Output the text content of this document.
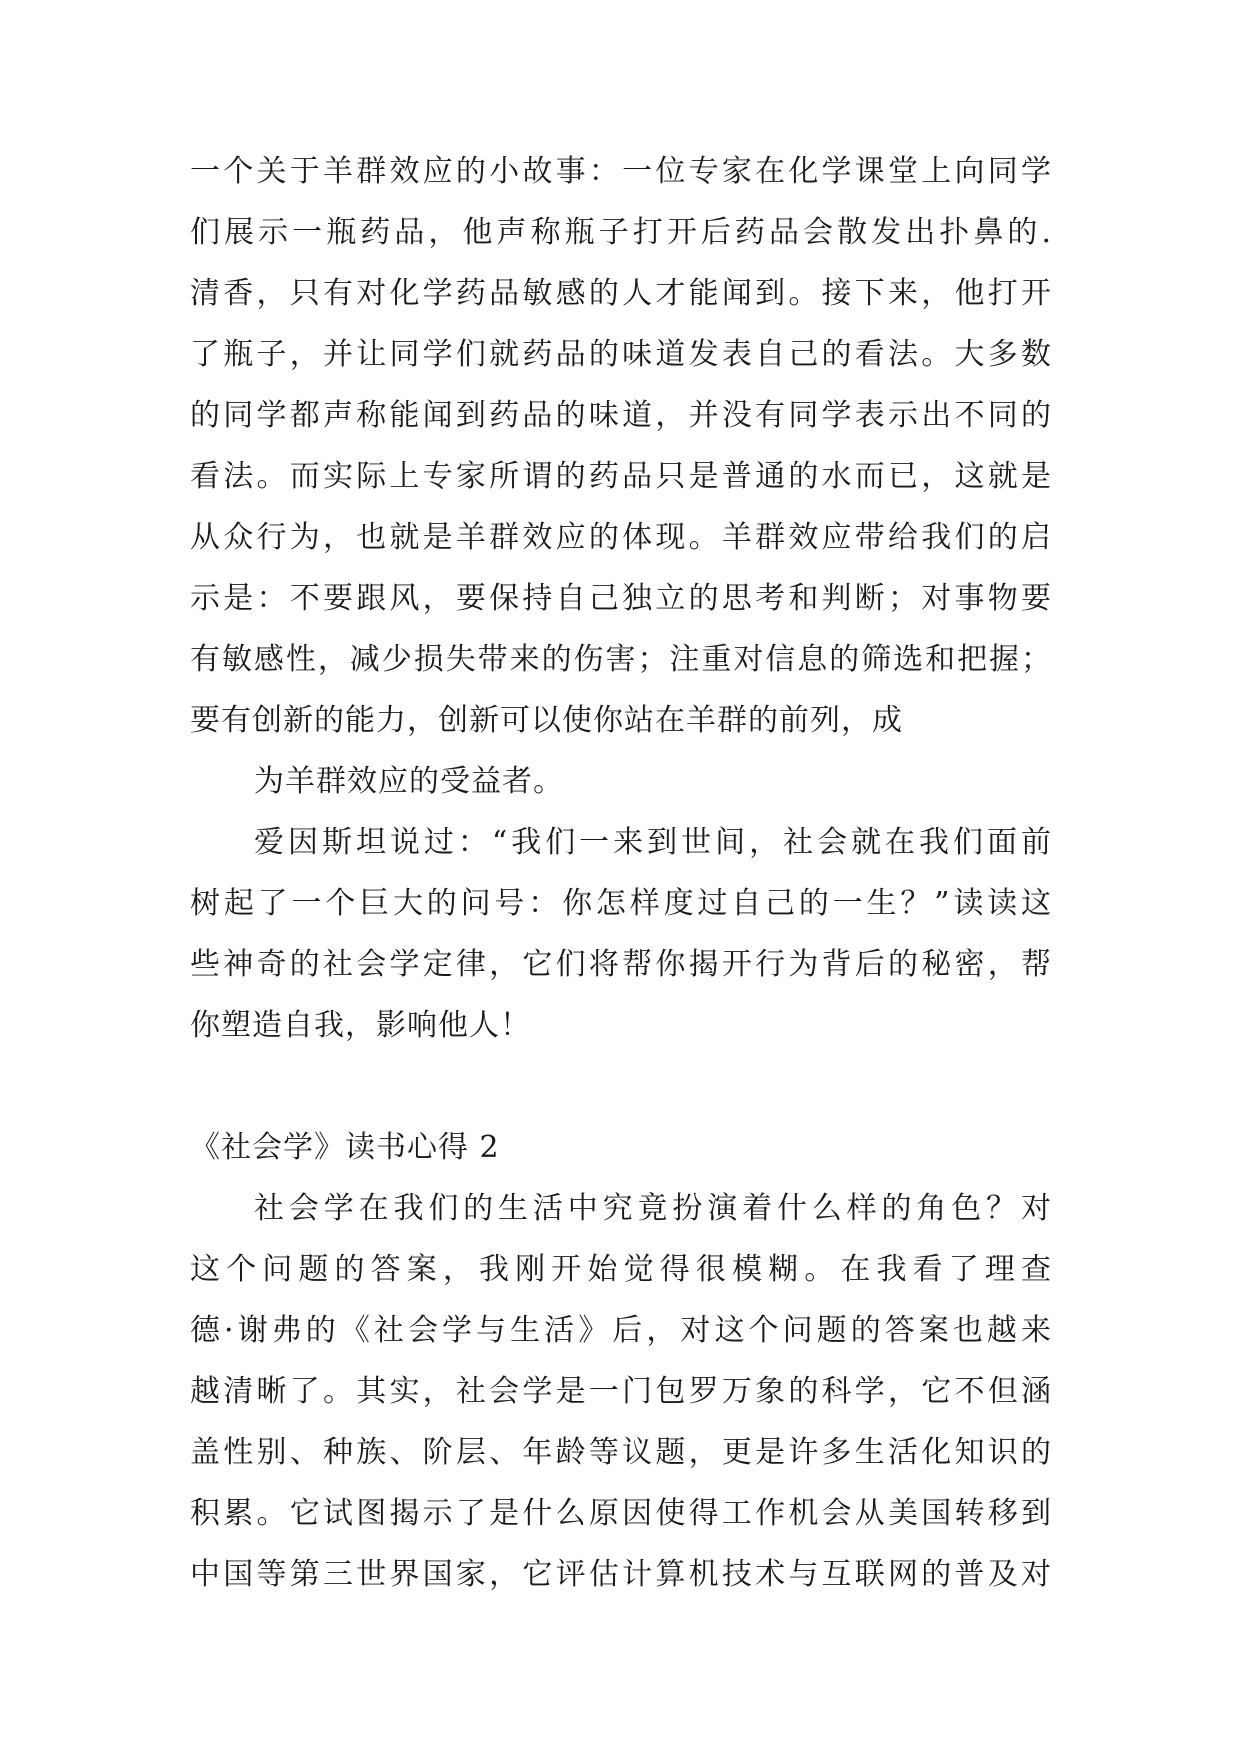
一个关于羊群效应的小故事：一位专家在化学课堂上向同学
们展示一瓶药品，他声称瓶子打开后药品会散发出扑鼻的.
清香，只有对化学药品敏感的人才能闻到。接下来，他打开
了瓶子，并让同学们就药品的味道发表自己的看法。大多数
的同学都声称能闻到药品的味道，并没有同学表示出不同的
看法。而实际上专家所谓的药品只是普通的水而已，这就是
从众行为，也就是羊群效应的体现。羊群效应带给我们的启
示是：不要跟风，要保持自己独立的思考和判断；对事物要
有敏感性，减少损失带来的伤害；注重对信息的筛选和把握；
要有创新的能力，创新可以使你站在羊群的前列，成
为羊群效应的受益者。
爱因斯坦说过：“我们一来到世间，社会就在我们面前
树起了一个巨大的问号：你怎样度过自己的一生？”读读这
些神奇的社会学定律，它们将帮你揭开行为背后的秘密，帮
你塑造自我，影响他人！
《社会学》读书心得 2
社会学在我们的生活中究竟扮演着什么样的角色？对
这个问题的答案，我刚开始觉得很模糊。在我看了理查
德·谢弗的《社会学与生活》后，对这个问题的答案也越来
越清晰了。其实，社会学是一门包罗万象的科学，它不但涵
盖性别、种族、阶层、年龄等议题，更是许多生活化知识的
积累。它试图揭示了是什么原因使得工作机会从美国转移到
中国等第三世界国家，它评估计算机技术与互联网的普及对
